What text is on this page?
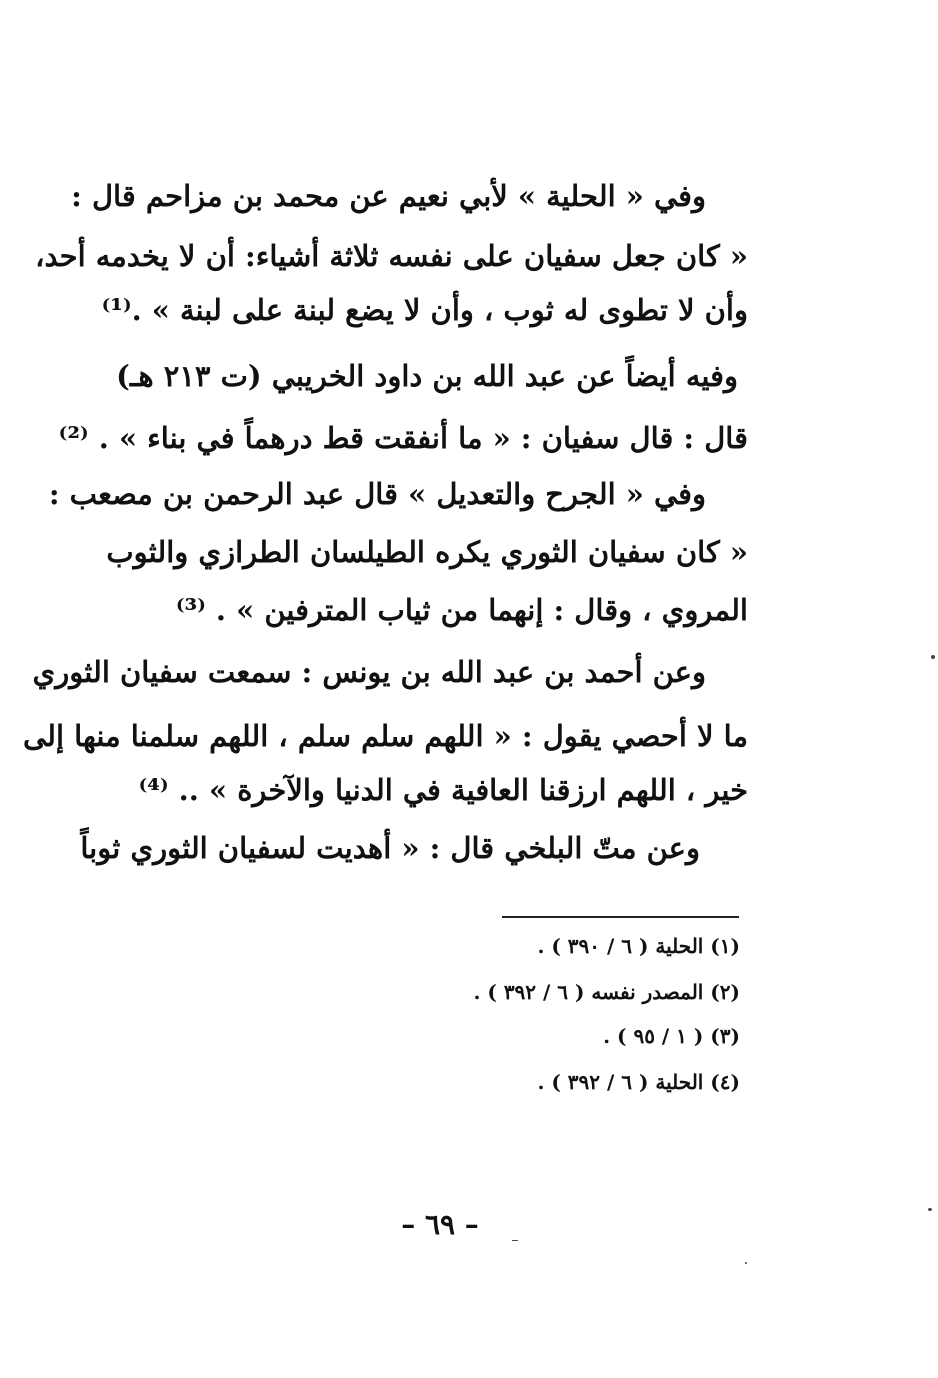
وفي « الحلية » لأبي نعيم عن محمد بن مزاحم قال :
« كان جعل سفيان على نفسه ثلاثة أشياء: أن لا يخدمه أحد،
وأن لا تطوى له ثوب ، وأن لا يضع لبنة على لبنة » .⁽¹⁾
وفيه أيضاً عن عبد الله بن داود الخريبي (ت ٢١٣ هـ)
قال : قال سفيان : « ما أنفقت قط درهماً في بناء » . ⁽²⁾
وفي « الجرح والتعديل » قال عبد الرحمن بن مصعب :
« كان سفيان الثوري يكره الطيلسان الطرازي والثوب
المروي ، وقال : إنهما من ثياب المترفين » . ⁽³⁾
وعن أحمد بن عبد الله بن يونس : سمعت سفيان الثوري
ما لا أحصي يقول : « اللهم سلم سلم ، اللهم سلمنا منها إلى
خير ، اللهم ارزقنا العافية في الدنيا والآخرة » .. ⁽⁴⁾
وعن متّ البلخي قال : « أهديت لسفيان الثوري ثوباً
(١) الحلية ( ٦ / ٣٩٠ ) .
(٢) المصدر نفسه ( ٦ / ٣٩٢ ) .
(٣) ( ١ / ٩٥ ) .
(٤) الحلية ( ٦ / ٣٩٢ ) .
– ٦٩ –
